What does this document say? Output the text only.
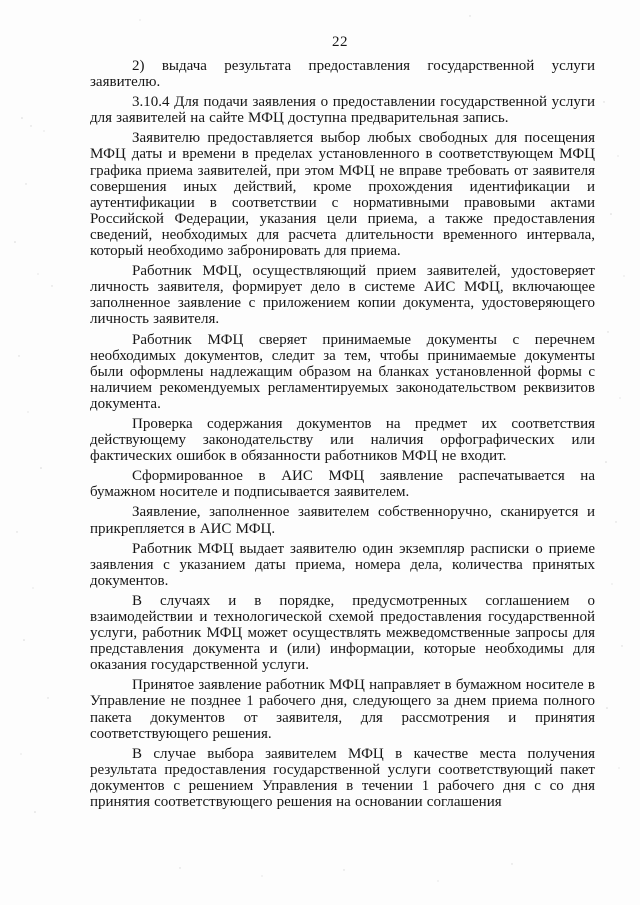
22

2) выдача результата предоставления государственной услуги заявителю.

3.10.4 Для подачи заявления о предоставлении государственной услуги для заявителей на сайте МФЦ доступна предварительная запись.

Заявителю предоставляется выбор любых свободных для посещения МФЦ даты и времени в пределах установленного в соответствующем МФЦ графика приема заявителей, при этом МФЦ не вправе требовать от заявителя совершения иных действий, кроме прохождения идентификации и аутентификации в соответствии с нормативными правовыми актами Российской Федерации, указания цели приема, а также предоставления сведений, необходимых для расчета длительности временного интервала, который необходимо забронировать для приема.

Работник МФЦ, осуществляющий прием заявителей, удостоверяет личность заявителя, формирует дело в системе АИС МФЦ, включающее заполненное заявление с приложением копии документа, удостоверяющего личность заявителя.

Работник МФЦ сверяет принимаемые документы с перечнем необходимых документов, следит за тем, чтобы принимаемые документы были оформлены надлежащим образом на бланках установленной формы с наличием рекомендуемых регламентируемых законодательством реквизитов документа.

Проверка содержания документов на предмет их соответствия действующему законодательству или наличия орфографических или фактических ошибок в обязанности работников МФЦ не входит.

Сформированное в АИС МФЦ заявление распечатывается на бумажном носителе и подписывается заявителем.

Заявление, заполненное заявителем собственноручно, сканируется и прикрепляется в АИС МФЦ.

Работник МФЦ выдает заявителю один экземпляр расписки о приеме заявления с указанием даты приема, номера дела, количества принятых документов.

В случаях и в порядке, предусмотренных соглашением о взаимодействии и технологической схемой предоставления государственной услуги, работник МФЦ может осуществлять межведомственные запросы для представления документа и (или) информации, которые необходимы для оказания государственной услуги.

Принятое заявление работник МФЦ направляет в бумажном носителе в Управление не позднее 1 рабочего дня, следующего за днем приема полного пакета документов от заявителя, для рассмотрения и принятия соответствующего решения.

В случае выбора заявителем МФЦ в качестве места получения результата предоставления государственной услуги соответствующий пакет документов с решением Управления в течении 1 рабочего дня с со дня принятия соответствующего решения на основании соглашения
